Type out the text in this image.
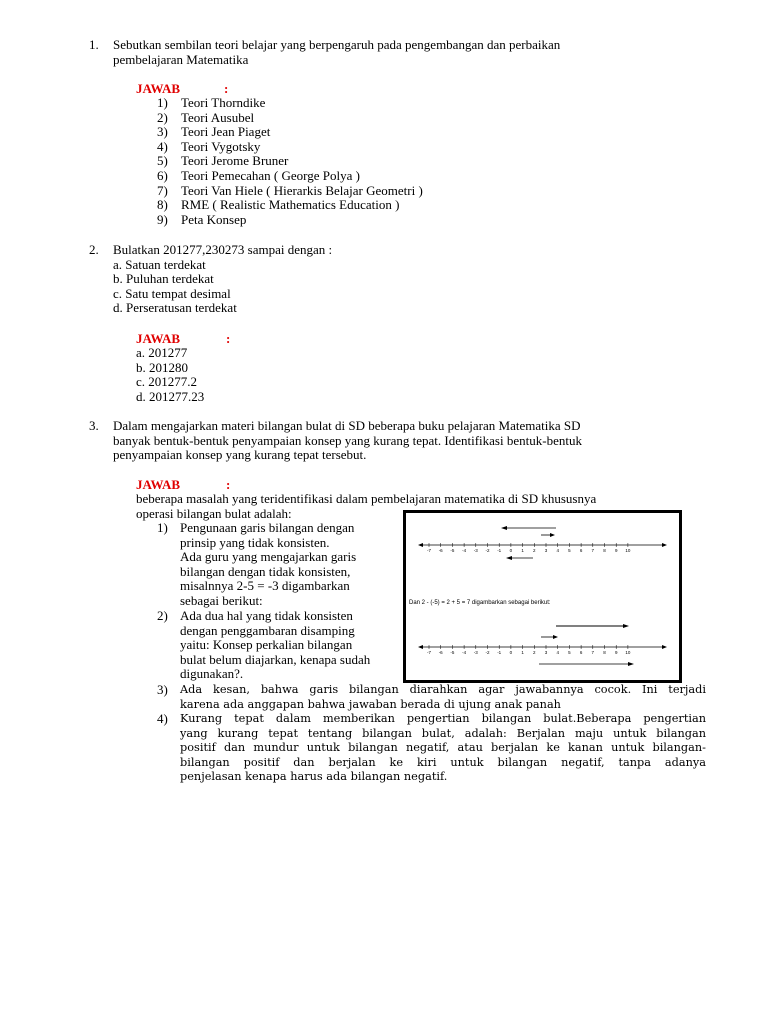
1. Sebutkan sembilan teori belajar yang berpengaruh pada pengembangan dan perbaikan
pembelajaran Matematika
JAWAB	:
1) Teori Thorndike
2) Teori Ausubel
3) Teori Jean Piaget
4) Teori Vygotsky
5) Teori Jerome Bruner
6) Teori Pemecahan ( George Polya )
7) Teori Van Hiele ( Hierarkis Belajar Geometri )
8) RME ( Realistic Mathematics Education )
9) Peta Konsep
2. Bulatkan 201277,230273 sampai dengan :
a. Satuan terdekat
b. Puluhan terdekat
c. Satu tempat desimal
d. Perseratusan terdekat
JAWAB	:
a. 201277
b. 201280
c. 201277.2
d. 201277.23
3. Dalam mengajarkan materi bilangan bulat di SD beberapa buku pelajaran Matematika SD
banyak bentuk-bentuk penyampaian konsep yang kurang tepat. Identifikasi bentuk-bentuk
penyampaian konsep yang kurang tepat tersebut.
JAWAB	:
beberapa masalah yang teridentifikasi dalam pembelajaran matematika di SD khususnya
operasi bilangan bulat adalah:
1) Pengunaan garis bilangan dengan
prinsip yang tidak konsisten.
Ada guru yang mengajarkan garis
bilangan dengan tidak konsisten,
misalnnya 2-5 = -3 digambarkan
sebagai berikut:
2) Ada dua hal yang tidak konsisten
dengan penggambaran disamping
yaitu: Konsep perkalian bilangan
bulat belum diajarkan, kenapa sudah
digunakan?.
3) Ada kesan, bahwa garis bilangan diarahkan agar jawabannya cocok. Ini terjadi
karena ada anggapan bahwa jawaban berada di ujung anak panah
4) Kurang tepat dalam memberikan pengertian bilangan bulat.Beberapa pengertian
yang kurang tepat tentang bilangan bulat, adalah: Berjalan maju untuk bilangan
positif dan mundur untuk bilangan negatif, atau berjalan ke kanan untuk bilangan-
bilangan positif dan berjalan ke kiri untuk bilangan negatif, tanpa adanya
penjelasan kenapa harus ada bilangan negatif.
-7 -6 -5 -4 -3 -2 -1 0 1 2 3 4 5 6 7 8 9 10
Dan 2 - (-5) = 2 + 5 = 7 digambarkan sebagai berikut:
-7 -6 -5 -4 -3 -2 -1 0 1 2 3 4 5 6 7 8 9 10
